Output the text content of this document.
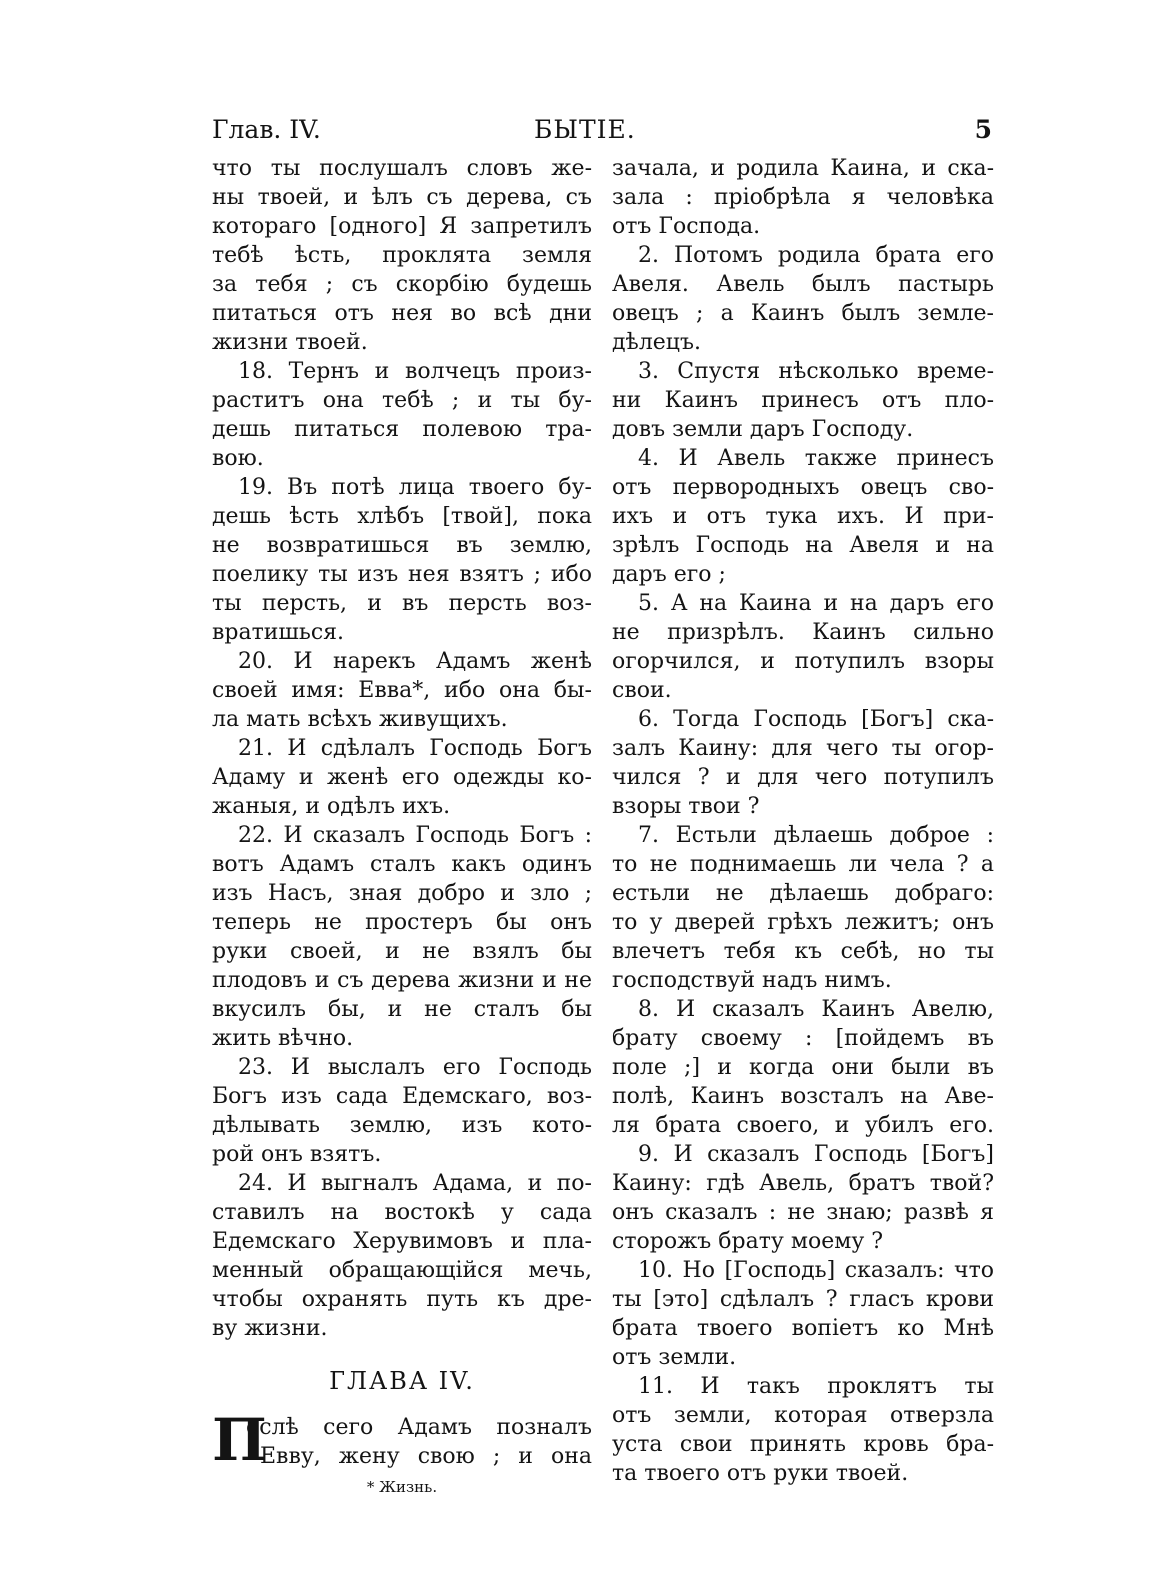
Глав. IV.	БЫТІЕ.	5
что ты послушалъ словъ же-
ны твоей, и ѣлъ съ дерева, съ
котораго [одного] Я запретилъ
тебѣ ѣсть, проклята земля
за тебя ; съ скорбію будешь
питаться отъ нея во всѣ дни
жизни твоей.
18. Тернъ и волчецъ произ-
раститъ она тебѣ ; и ты бу-
дешь питаться полевою тра-
вою.
19. Въ потѣ лица твоего бу-
дешь ѣсть хлѣбъ [твой], пока
не возвратишься въ землю,
поелику ты изъ нея взятъ ; ибо
ты персть, и въ персть воз-
вратишься.
20. И нарекъ Адамъ женѣ
своей имя: Евва*, ибо она бы-
ла мать всѣхъ живущихъ.
21. И сдѣлалъ Господь Богъ
Адаму и женѣ его одежды ко-
жаныя, и одѣлъ ихъ.
22. И сказалъ Господь Богъ :
вотъ Адамъ сталъ какъ одинъ
изъ Насъ, зная добро и зло ;
теперь не простеръ бы онъ
руки своей, и не взялъ бы
плодовъ и съ дерева жизни и не
вкусилъ бы, и не сталъ бы
жить вѣчно.
23. И выслалъ его Господь
Богъ изъ сада Едемскаго, воз-
дѣлывать землю, изъ кото-
рой онъ взятъ.
24. И выгналъ Адама, и по-
ставилъ на востокѣ у сада
Едемскаго Херувимовъ и пла-
менный обращающійся мечь,
чтобы охранять путь къ дре-
ву жизни.
ГЛАВА IV.
П
ослѣ сего Адамъ позналъ
Евву, жену свою ; и она
* Жизнь.
зачала, и родила Каина, и ска-
зала : пріобрѣла я человѣка
отъ Господа.
2. Потомъ родила брата его
Авеля. Авель былъ пастырь
овецъ ; а Каинъ былъ земле-
дѣлецъ.
3. Спустя нѣсколько време-
ни Каинъ принесъ отъ пло-
довъ земли даръ Господу.
4. И Авель также принесъ
отъ первородныхъ овецъ сво-
ихъ и отъ тука ихъ. И при-
зрѣлъ Господь на Авеля и на
даръ его ;
5. А на Каина и на даръ его
не призрѣлъ. Каинъ сильно
огорчился, и потупилъ взоры
свои.
6. Тогда Господь [Богъ] ска-
залъ Каину: для чего ты огор-
чился ? и для чего потупилъ
взоры твои ?
7. Естьли дѣлаешь доброе :
то не поднимаешь ли чела ? а
естьли не дѣлаешь добраго:
то у дверей грѣхъ лежитъ; онъ
влечетъ тебя къ себѣ, но ты
господствуй надъ нимъ.
8. И сказалъ Каинъ Авелю,
брату своему : [пойдемъ въ
поле ;] и когда они были въ
полѣ, Каинъ возсталъ на Аве-
ля брата своего, и убилъ его.
9. И сказалъ Господь [Богъ]
Каину: гдѣ Авель, братъ твой?
онъ сказалъ : не знаю; развѣ я
сторожъ брату моему ?
10. Но [Господь] сказалъ: что
ты [это] сдѣлалъ ? гласъ крови
брата твоего вопіетъ ко Мнѣ
отъ земли.
11. И такъ проклятъ ты
отъ земли, которая отверзла
уста свои принять кровь бра-
та твоего отъ руки твоей.
